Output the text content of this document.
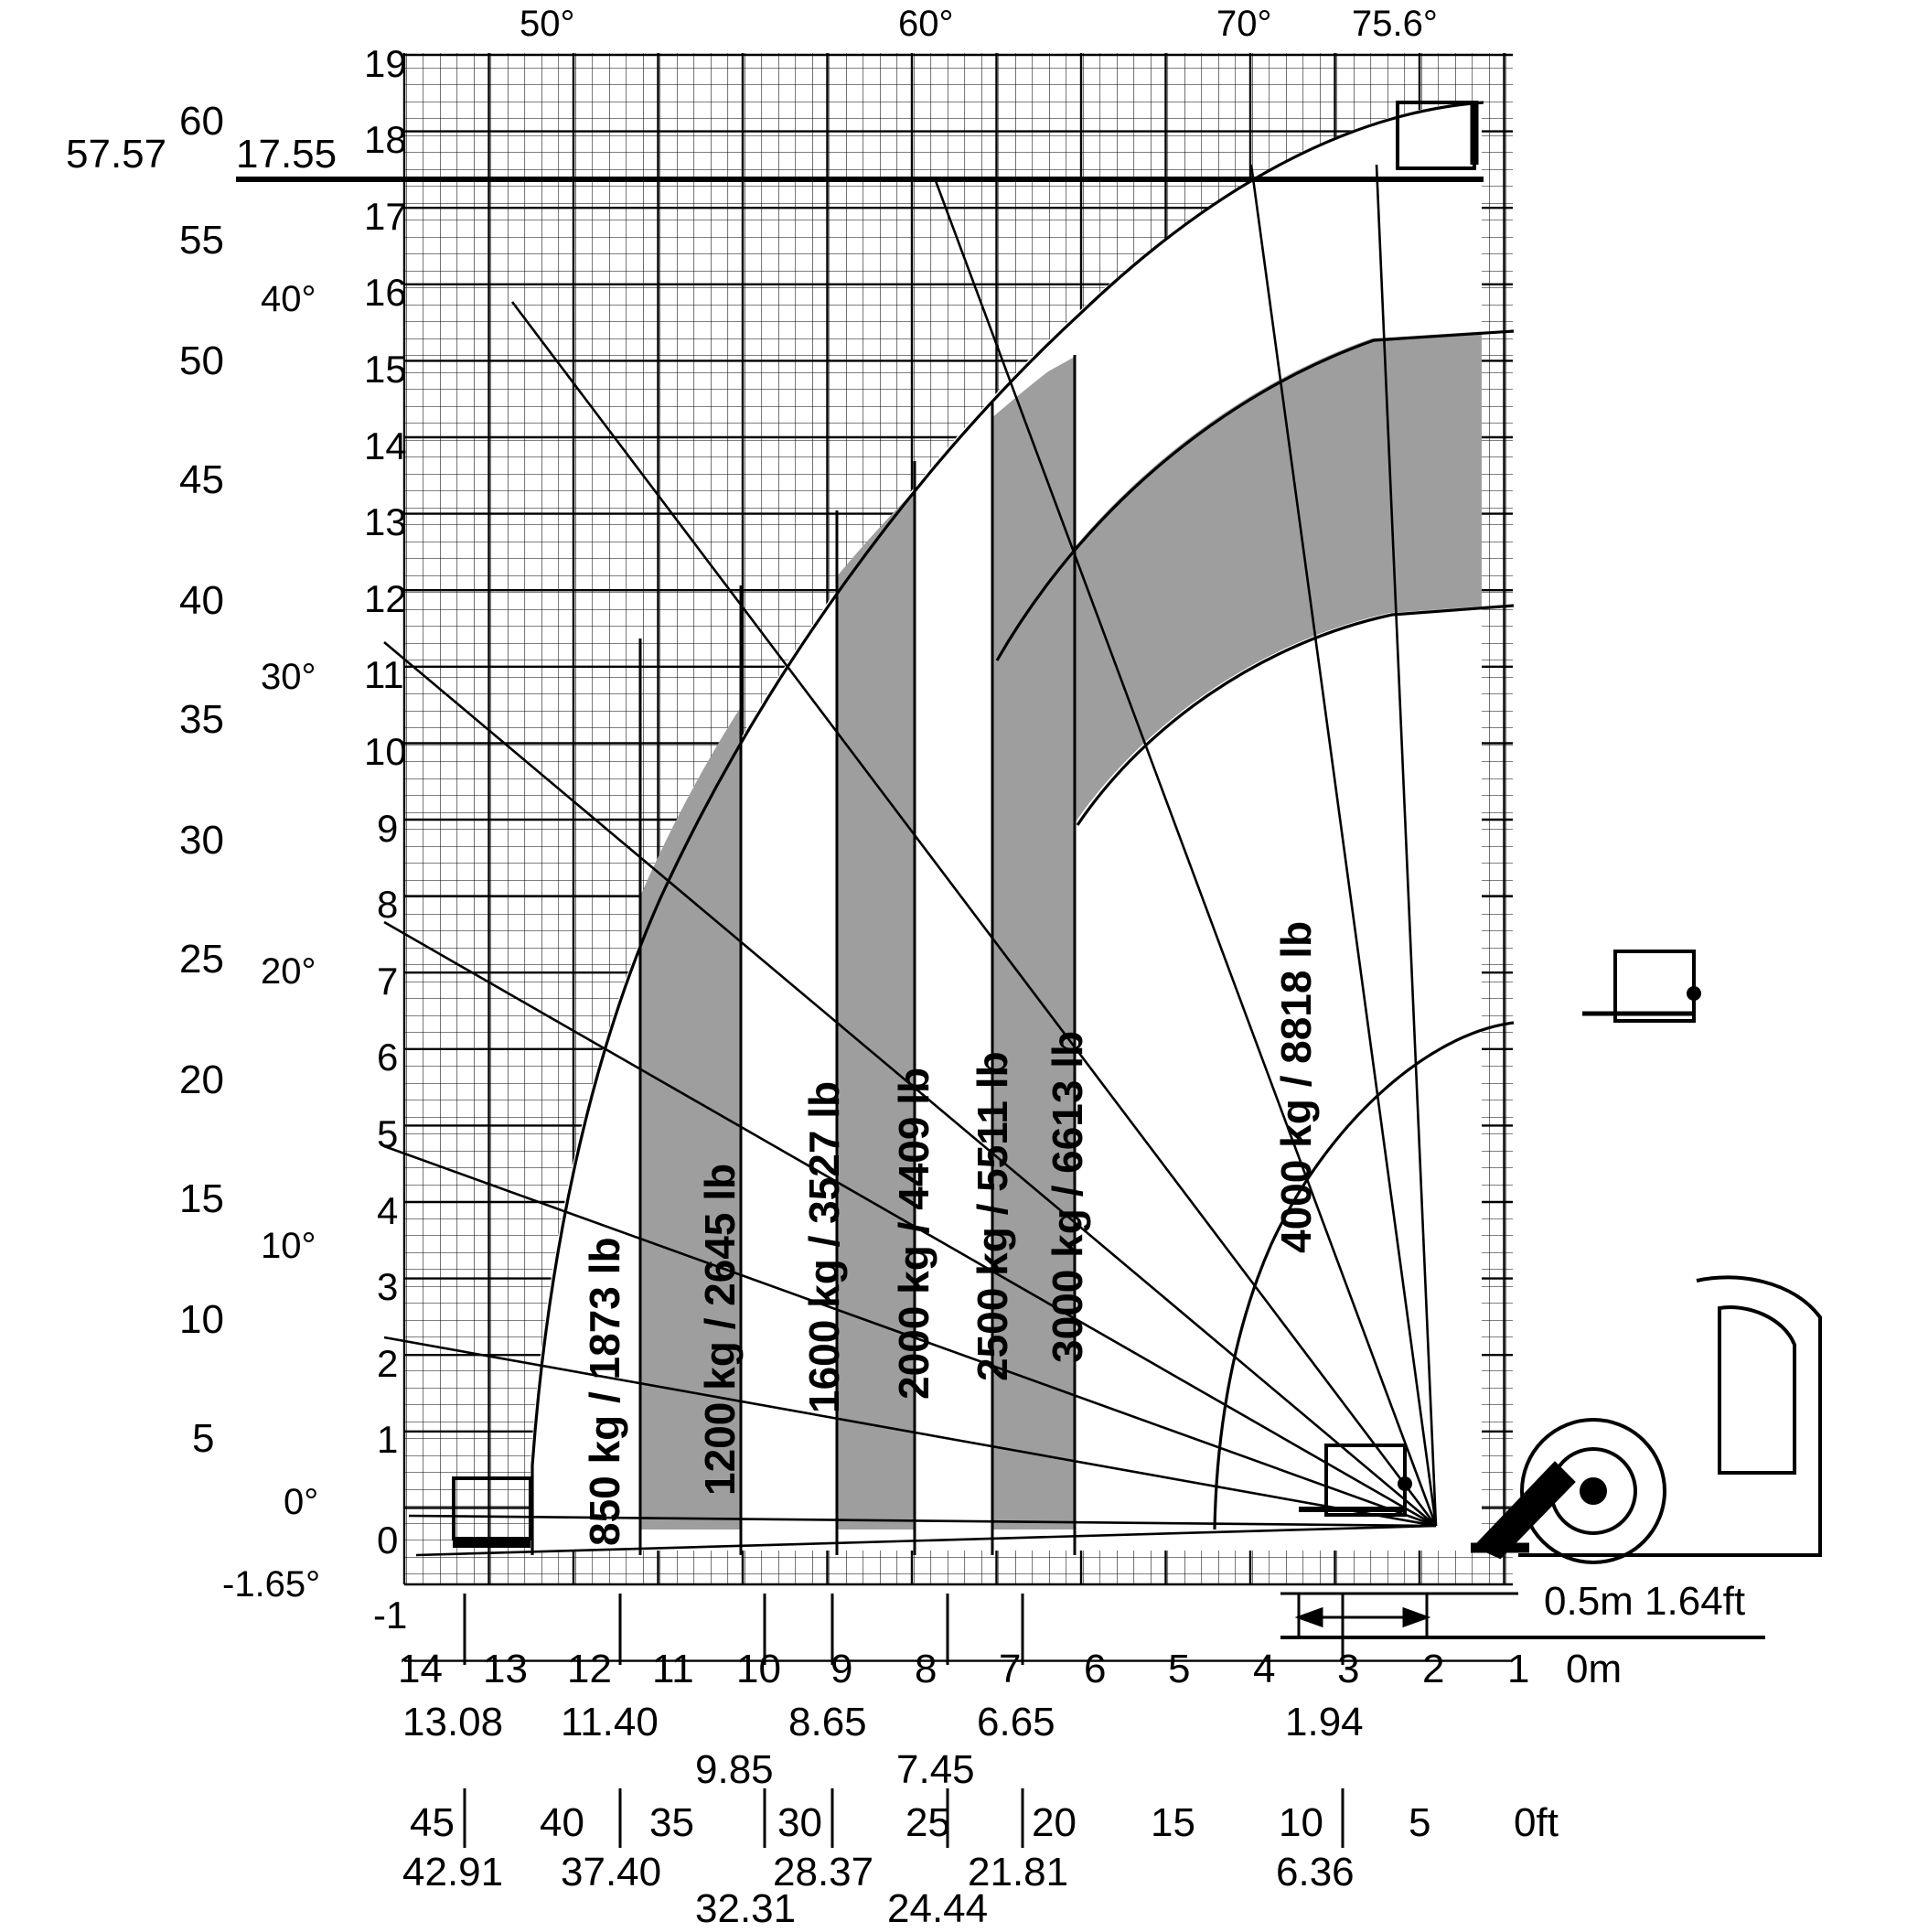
50°	60°	70° 75.6°
40°
30°
20°
10°
0°
-1.65°
57.57 17.55
19
18
17
16
15
14
13
12
11
10
9
8
7
6
5
4
3
2
1
0
-1
60
55
50
45
40
35
30
25
20
15
10
5	850 kg / 1873 lb 1200 kg / 2645 lb 1600 kg / 3527 lb 2000 kg / 4409 lb 2500 kg / 5511 lb 3000 kg / 6613 lb	4000 kg / 8818 lb
14 13 12 11 10 9 8 7 6 5 4 3 2 1 0m
13.08 11.40
9.85
8.65
7.45
6.65	1.94
45 40 35 30 25 20 15 10 5 0ft
42.91 37.40
32.31
28.37
24.44
21.81	6.36
0.5m 1.64ft
